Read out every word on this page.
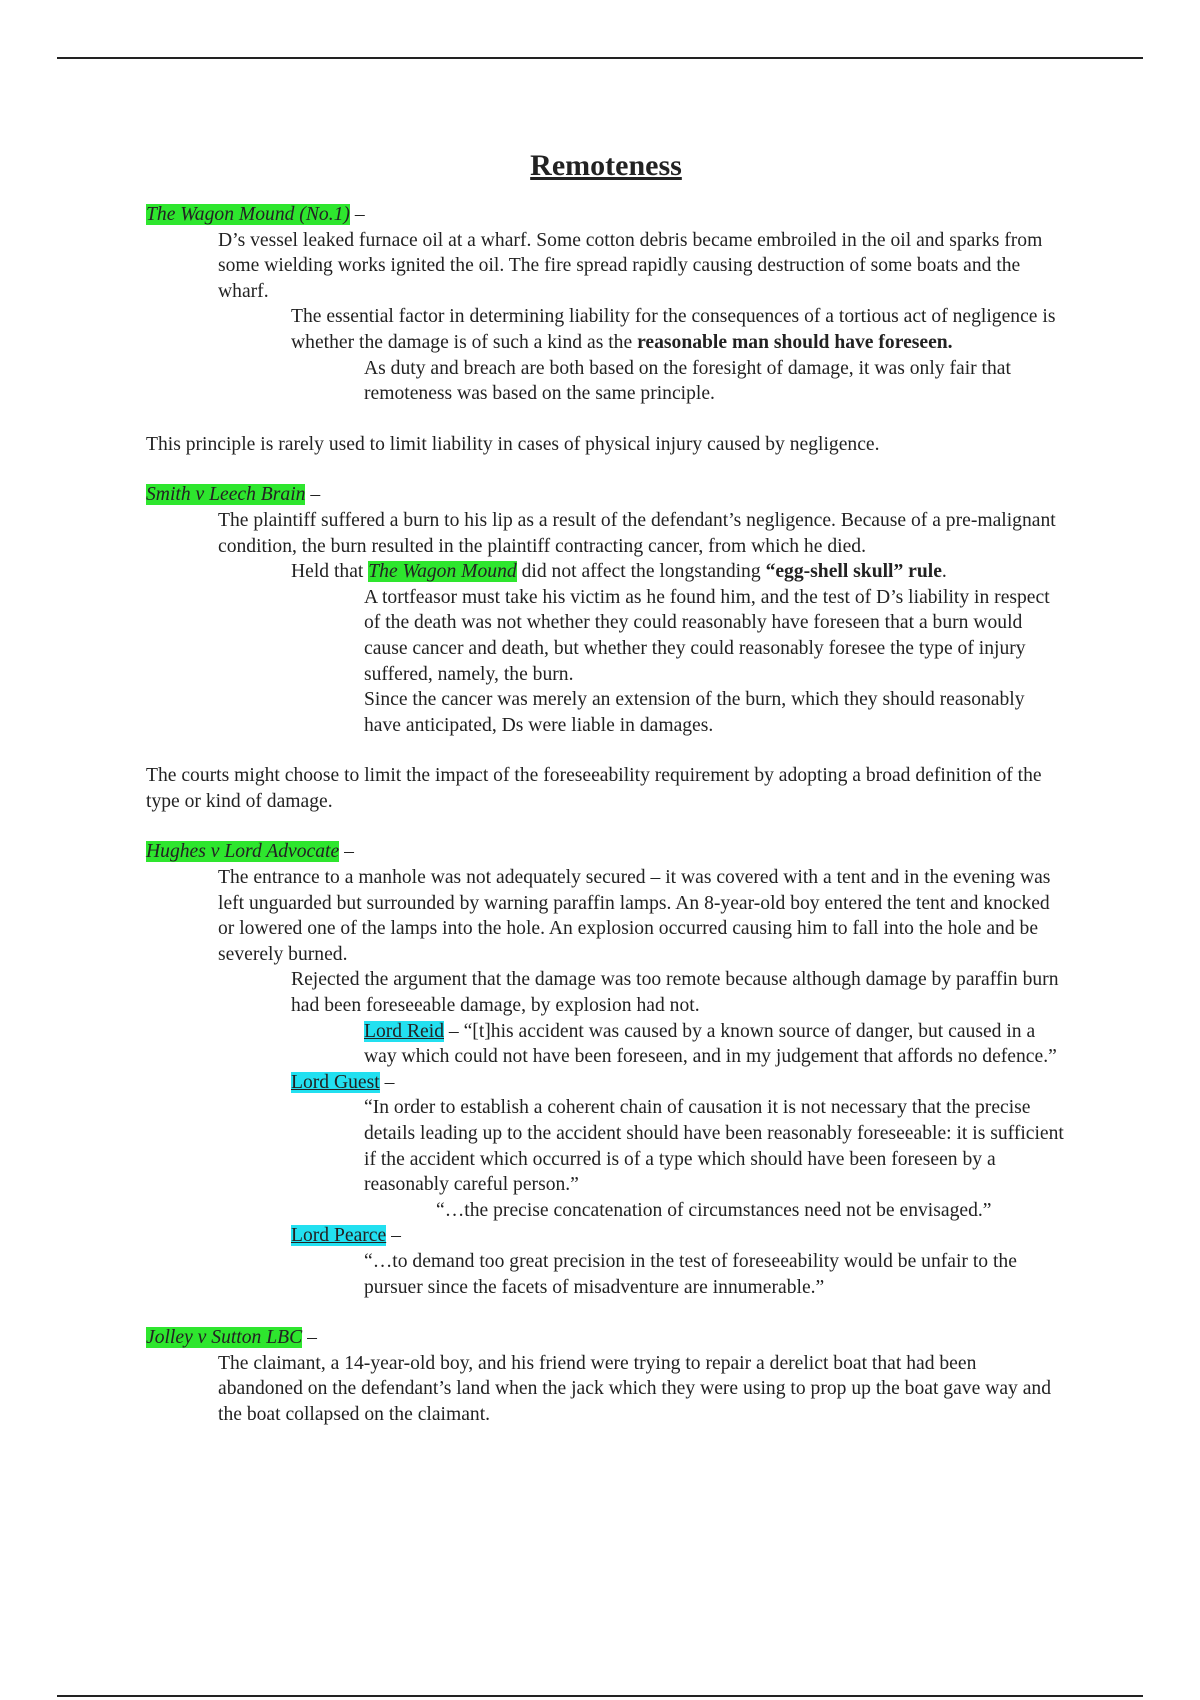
Remoteness

The Wagon Mound (No.1) –

D’s vessel leaked furnace oil at a wharf. Some cotton debris became embroiled in the oil and sparks from some wielding works ignited the oil. The fire spread rapidly causing destruction of some boats and the wharf.

The essential factor in determining liability for the consequences of a tortious act of negligence is whether the damage is of such a kind as the reasonable man should have foreseen.

As duty and breach are both based on the foresight of damage, it was only fair that remoteness was based on the same principle.

This principle is rarely used to limit liability in cases of physical injury caused by negligence.

Smith v Leech Brain –

The plaintiff suffered a burn to his lip as a result of the defendant’s negligence. Because of a pre-malignant condition, the burn resulted in the plaintiff contracting cancer, from which he died.

Held that The Wagon Mound did not affect the longstanding “egg-shell skull” rule.

A tortfeasor must take his victim as he found him, and the test of D’s liability in respect of the death was not whether they could reasonably have foreseen that a burn would cause cancer and death, but whether they could reasonably foresee the type of injury suffered, namely, the burn.

Since the cancer was merely an extension of the burn, which they should reasonably have anticipated, Ds were liable in damages.

The courts might choose to limit the impact of the foreseeability requirement by adopting a broad definition of the type or kind of damage.

Hughes v Lord Advocate –

The entrance to a manhole was not adequately secured – it was covered with a tent and in the evening was left unguarded but surrounded by warning paraffin lamps. An 8-year-old boy entered the tent and knocked or lowered one of the lamps into the hole. An explosion occurred causing him to fall into the hole and be severely burned.

Rejected the argument that the damage was too remote because although damage by paraffin burn had been foreseeable damage, by explosion had not.

Lord Reid – “[t]his accident was caused by a known source of danger, but caused in a way which could not have been foreseen, and in my judgement that affords no defence.”

Lord Guest –

“In order to establish a coherent chain of causation it is not necessary that the precise details leading up to the accident should have been reasonably foreseeable: it is sufficient if the accident which occurred is of a type which should have been foreseen by a reasonably careful person.”

“…the precise concatenation of circumstances need not be envisaged.”

Lord Pearce –

“…to demand too great precision in the test of foreseeability would be unfair to the pursuer since the facets of misadventure are innumerable.”

Jolley v Sutton LBC –

The claimant, a 14-year-old boy, and his friend were trying to repair a derelict boat that had been abandoned on the defendant’s land when the jack which they were using to prop up the boat gave way and the boat collapsed on the claimant.
